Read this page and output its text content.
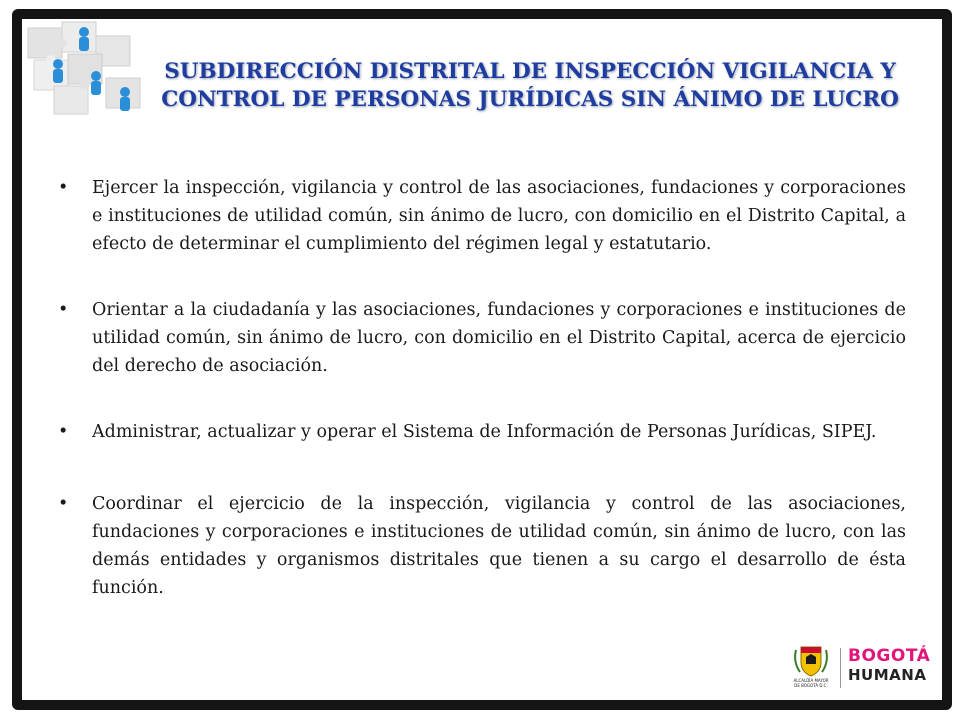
SUBDIRECCIÓN DISTRITAL DE INSPECCIÓN VIGILANCIA Y CONTROL DE PERSONAS JURÍDICAS SIN ÁNIMO DE LUCRO
•	Ejercer la inspección, vigilancia y control de las asociaciones, fundaciones y corporaciones e instituciones de utilidad común, sin ánimo de lucro, con domicilio en el Distrito Capital, a efecto de determinar el cumplimiento del régimen legal y estatutario.
•	Orientar a la ciudadanía y las asociaciones, fundaciones y corporaciones e instituciones de utilidad común, sin ánimo de lucro, con domicilio en el Distrito Capital, acerca de ejercicio del derecho de asociación.
•	Administrar, actualizar y operar el Sistema de Información de Personas Jurídicas, SIPEJ.
•	Coordinar el ejercicio de la inspección, vigilancia y control de las asociaciones, fundaciones y corporaciones e instituciones de utilidad común, sin ánimo de lucro, con las demás entidades y organismos distritales que tienen a su cargo el desarrollo de ésta función.
ALCALDÍA MAYOR
DE BOGOTÁ D.C.
BOGOTÁ
HUMANA
